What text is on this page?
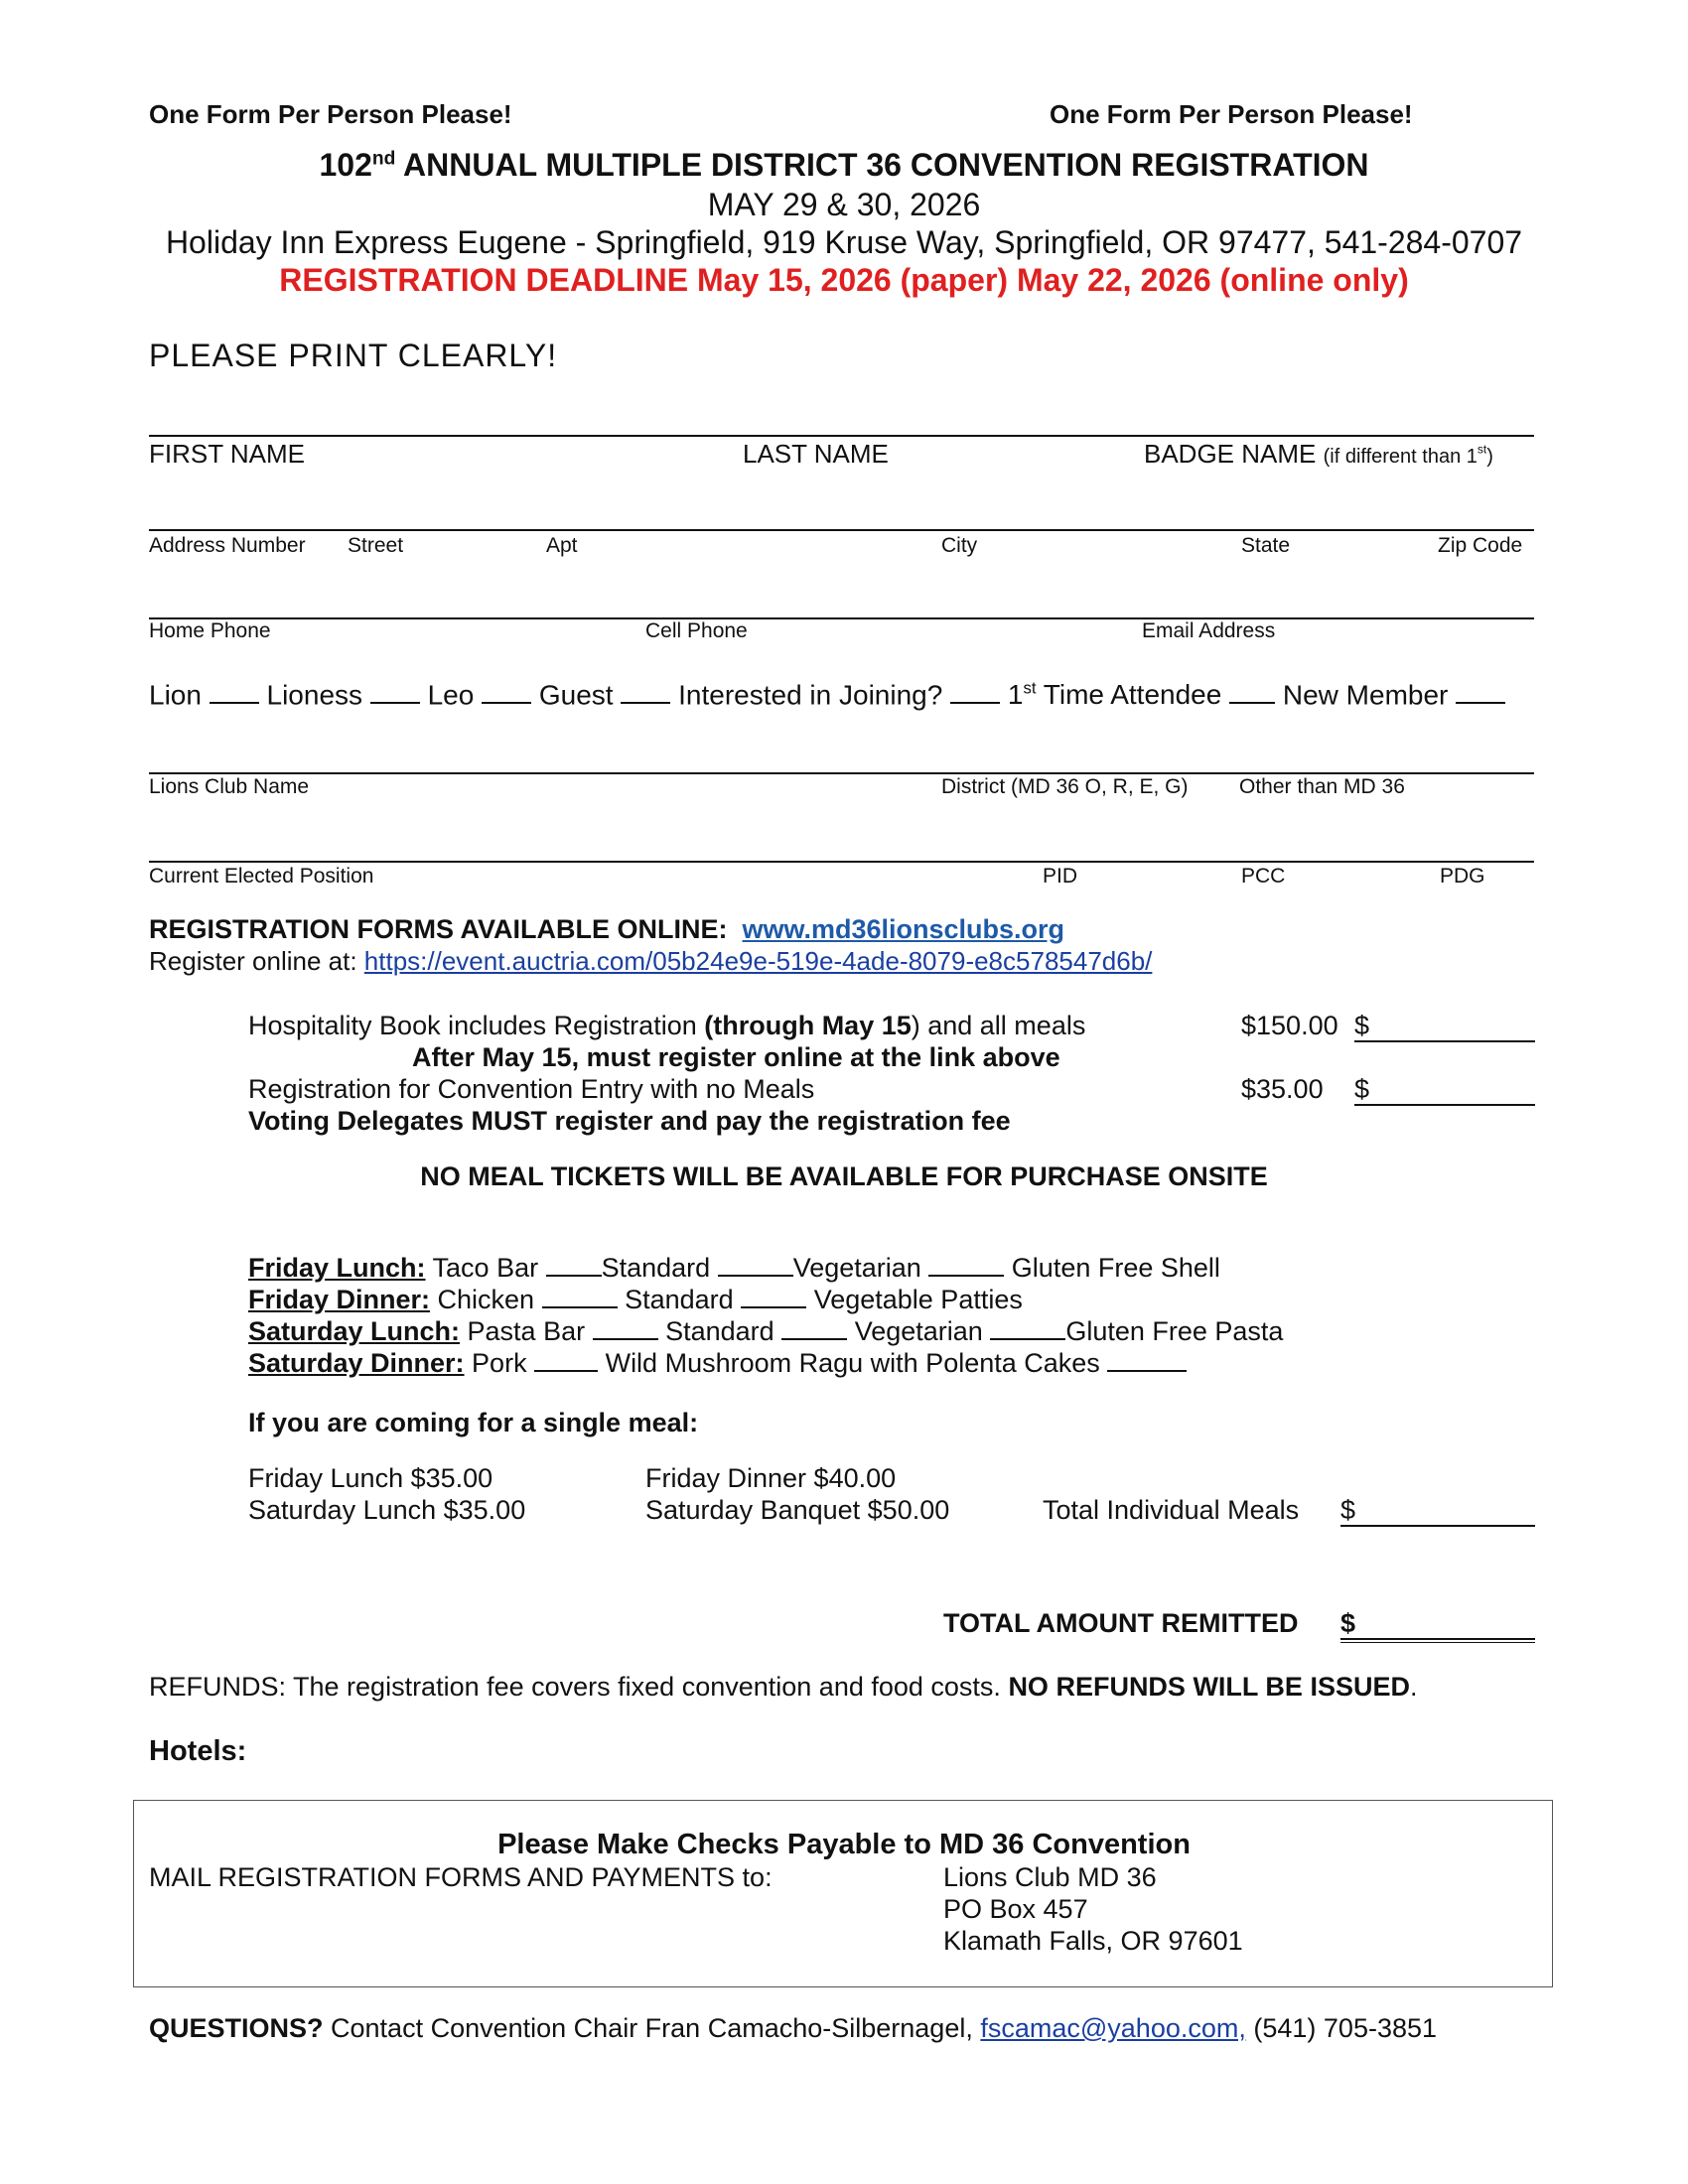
One Form Per Person Please!	One Form Per Person Please!
102nd ANNUAL MULTIPLE DISTRICT 36 CONVENTION REGISTRATION
MAY 29 & 30, 2026
Holiday Inn Express Eugene - Springfield, 919 Kruse Way, Springfield, OR 97477, 541-284-0707
REGISTRATION DEADLINE May 15, 2026 (paper) May 22, 2026 (online only)
PLEASE PRINT CLEARLY!
FIRST NAME	LAST NAME	BADGE NAME (if different than 1st)
Address Number Street	Apt	City	State	Zip Code
Home Phone	Cell Phone	Email Address
Lion Lioness Leo Guest Interested in Joining? 1st Time Attendee New Member
Lions Club Name	District (MD 36 O, R, E, G) Other than MD 36
Current Elected Position	PID	PCC	PDG
REGISTRATION FORMS AVAILABLE ONLINE: www.md36lionsclubs.org
Register online at: https://event.auctria.com/05b24e9e-519e-4ade-8079-e8c578547d6b/
Hospitality Book includes Registration (through May 15) and all meals	$150.00 $
After May 15, must register online at the link above
Registration for Convention Entry with no Meals	$35.00 $
Voting Delegates MUST register and pay the registration fee
NO MEAL TICKETS WILL BE AVAILABLE FOR PURCHASE ONSITE
Friday Lunch: Taco Bar Standard	Vegetarian	Gluten Free Shell
Friday Dinner: Chicken	Standard  Vegetable Patties
Saturday Lunch: Pasta Bar  Standard  Vegetarian	Gluten Free Pasta
Saturday Dinner: Pork  Wild Mushroom Ragu with Polenta Cakes
If you are coming for a single meal:
Friday Lunch $35.00	Friday Dinner $40.00
Saturday Lunch $35.00	Saturday Banquet $50.00	Total Individual Meals $
TOTAL AMOUNT REMITTED $
REFUNDS: The registration fee covers fixed convention and food costs. NO REFUNDS WILL BE ISSUED.
Hotels:
Please Make Checks Payable to MD 36 Convention
MAIL REGISTRATION FORMS AND PAYMENTS to:	Lions Club MD 36
PO Box 457
Klamath Falls, OR 97601
QUESTIONS? Contact Convention Chair Fran Camacho-Silbernagel, fscamac@yahoo.com, (541) 705-3851
